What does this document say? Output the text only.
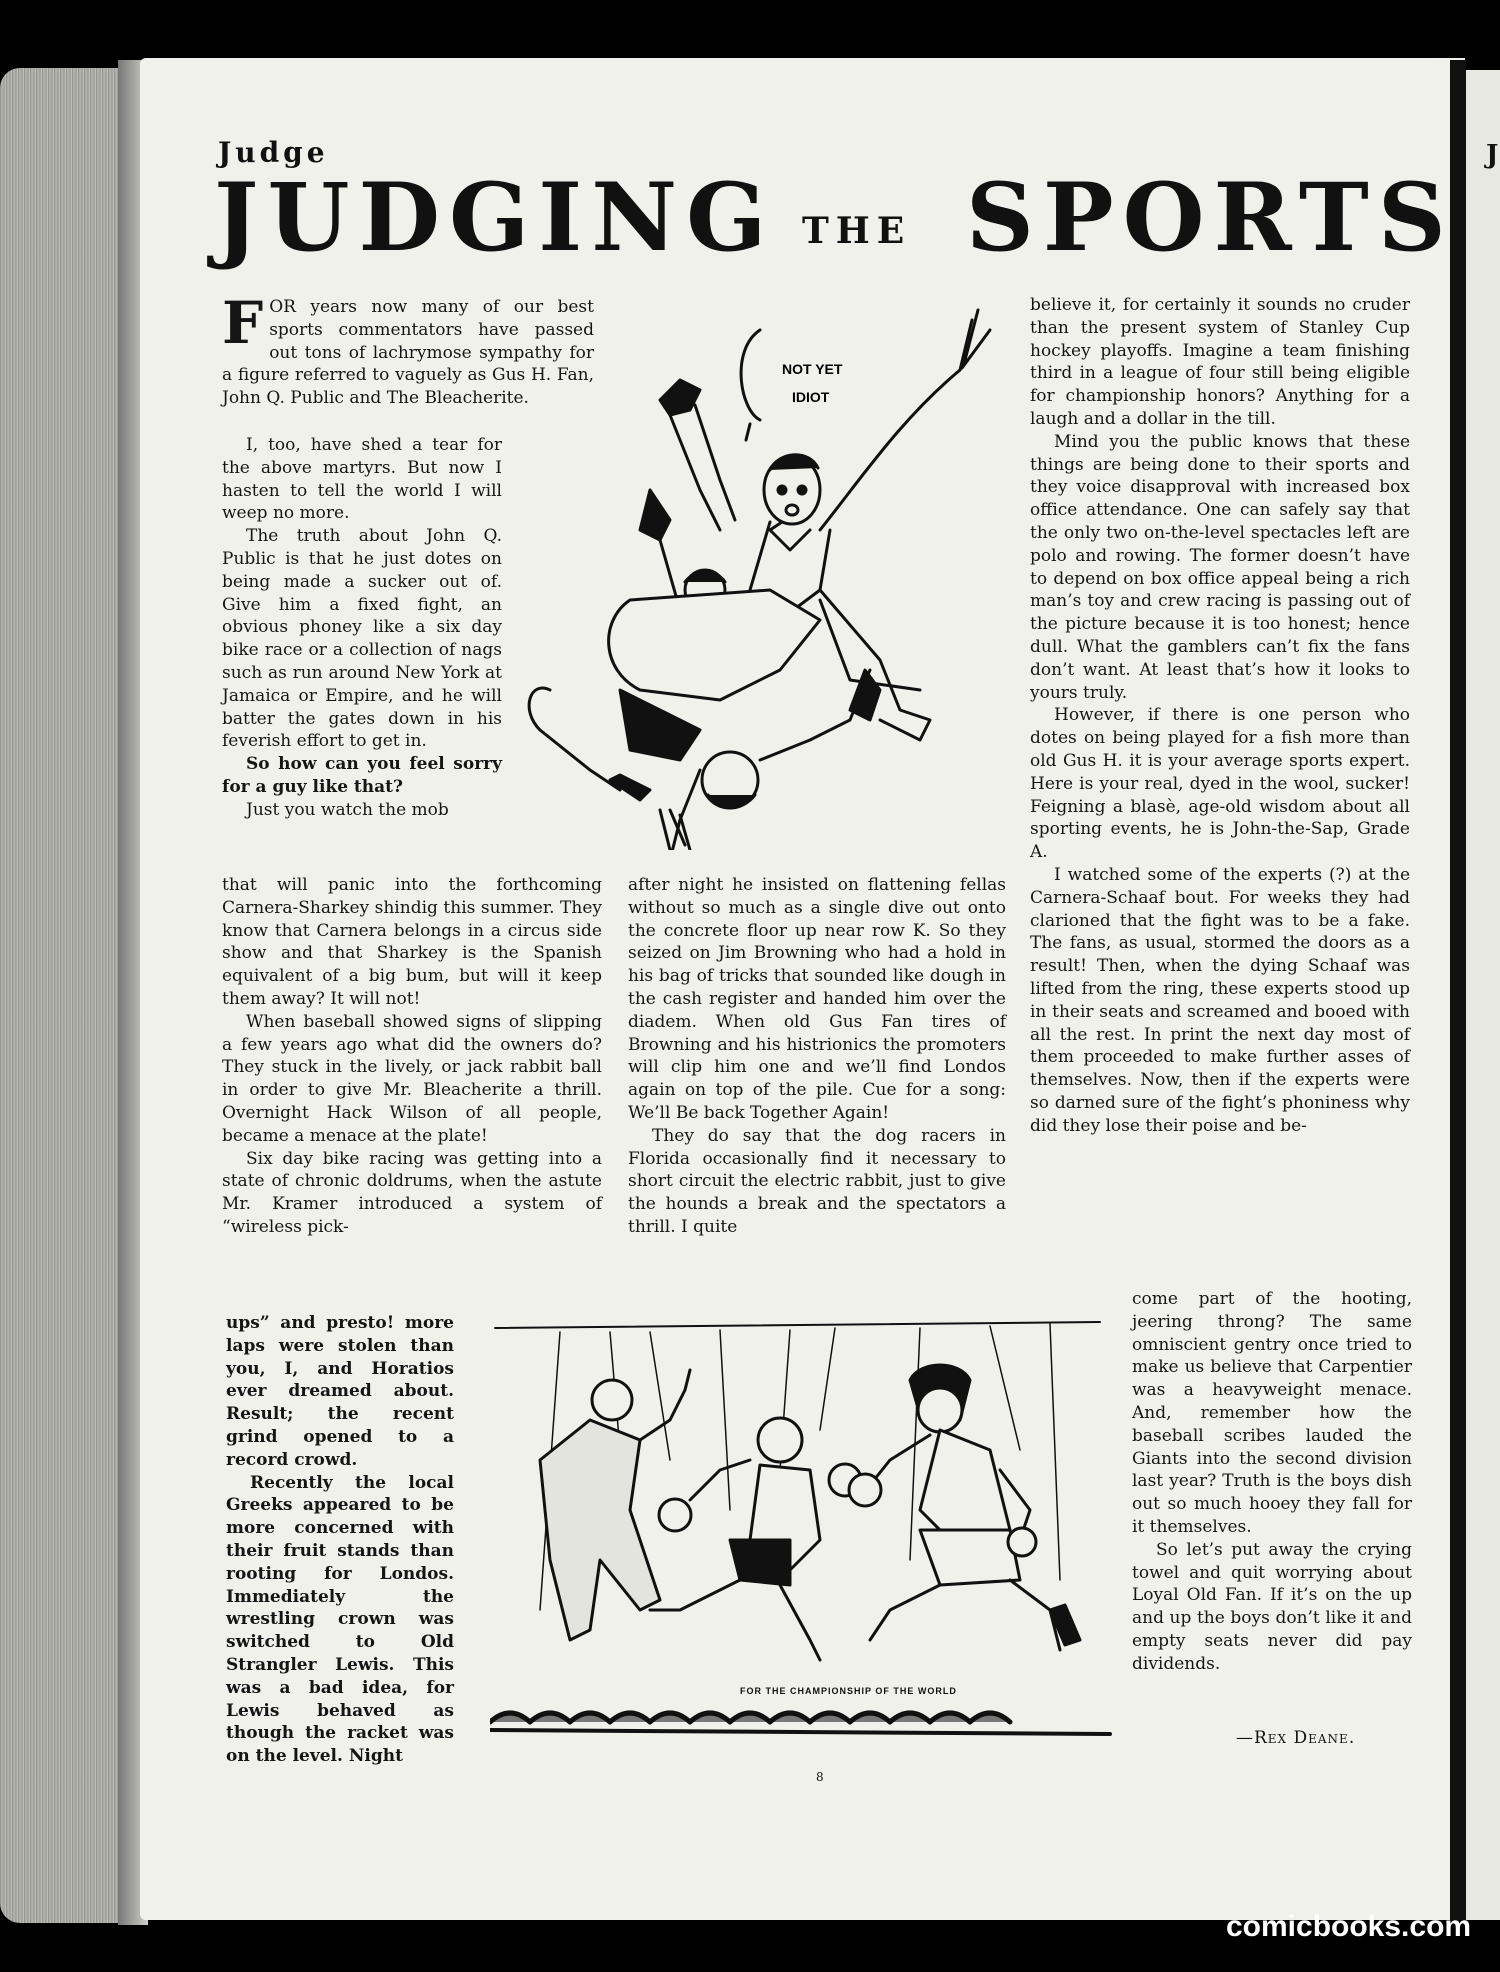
J
Judge
JUDGING THE SPORTS

FOR years now many of our best sports commentators have passed out tons of lachrymose sympathy for a figure referred to vaguely as Gus H. Fan, John Q. Public and The Bleacherite.

I, too, have shed a tear for the above martyrs. But now I hasten to tell the world I will weep no more.

The truth about John Q. Public is that he just dotes on being made a sucker out of. Give him a fixed fight, an obvious phoney like a six day bike race or a collection of nags such as run around New York at Jamaica or Empire, and he will batter the gates down in his feverish effort to get in.

So how can you feel sorry for a guy like that?

Just you watch the mob

that will panic into the forthcoming Carnera-Sharkey shindig this summer. They know that Carnera belongs in a circus side show and that Sharkey is the Spanish equivalent of a big bum, but will it keep them away? It will not!

When baseball showed signs of slipping a few years ago what did the owners do? They stuck in the lively, or jack rabbit ball in order to give Mr. Bleacherite a thrill. Overnight Hack Wilson of all people, became a menace at the plate!

Six day bike racing was getting into a state of chronic doldrums, when the astute Mr. Kramer introduced a system of “wireless pick-

ups” and presto! more laps were stolen than you, I, and Horatios ever dreamed about. Result; the recent grind opened to a record crowd.

Recently the local Greeks appeared to be more concerned with their fruit stands than rooting for Londos. Immediately the wrestling crown was switched to Old Strangler Lewis. This was a bad idea, for Lewis behaved as though the racket was on the level. Night

after night he insisted on flattening fellas without so much as a single dive out onto the concrete floor up near row K. So they seized on Jim Browning who had a hold in his bag of tricks that sounded like dough in the cash register and handed him over the diadem. When old Gus Fan tires of Browning and his histrionics the promoters will clip him one and we’ll find Londos again on top of the pile. Cue for a song: We’ll Be back Together Again!

They do say that the dog racers in Florida occasionally find it necessary to short circuit the electric rabbit, just to give the hounds a break and the spectators a thrill. I quite

believe it, for certainly it sounds no cruder than the present system of Stanley Cup hockey playoffs. Imagine a team finishing third in a league of four still being eligible for championship honors? Anything for a laugh and a dollar in the till.

Mind you the public knows that these things are being done to their sports and they voice disapproval with increased box office attendance. One can safely say that the only two on-the-level spectacles left are polo and rowing. The former doesn’t have to depend on box office appeal being a rich man’s toy and crew racing is passing out of the picture because it is too honest; hence dull. What the gamblers can’t fix the fans don’t want. At least that’s how it looks to yours truly.

However, if there is one person who dotes on being played for a fish more than old Gus H. it is your average sports expert. Here is your real, dyed in the wool, sucker! Feigning a blasè, age-old wisdom about all sporting events, he is John-the-Sap, Grade A.

I watched some of the experts (?) at the Carnera-Schaaf bout. For weeks they had clarioned that the fight was to be a fake. The fans, as usual, stormed the doors as a result! Then, when the dying Schaaf was lifted from the ring, these experts stood up in their seats and screamed and booed with all the rest. In print the next day most of them proceeded to make further asses of themselves. Now, then if the experts were so darned sure of the fight’s phoniness why did they lose their poise and be-

come part of the hooting, jeering throng? The same omniscient gentry once tried to make us believe that Carpentier was a heavyweight menace. And, remember how the baseball scribes lauded the Giants into the second division last year? Truth is the boys dish out so much hooey they fall for it themselves.

So let’s put away the crying towel and quit worrying about Loyal Old Fan. If it’s on the up and up the boys don’t like it and empty seats never did pay dividends.

—Rex Deane.
NOT YET
IDIOT
FOR THE CHAMPIONSHIP OF THE WORLD
8
comicbooks.com
